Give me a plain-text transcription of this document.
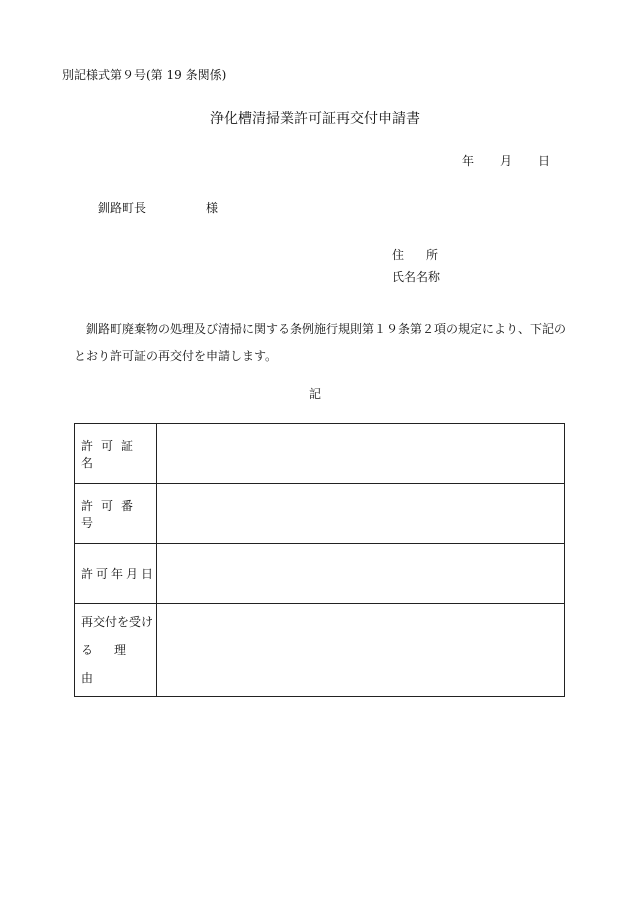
別記様式第９号(第 19 条関係)
浄化槽清掃業許可証再交付申請書
年 月 日
釧路町長	様
住所
氏名名称
釧路町廃棄物の処理及び清掃に関する条例施行規則第１９条第２項の規定により、下記のとおり許可証の再交付を申請します。
記
許可証名	
許可番号	
許可年月日	

再交付を受け
る理由	
